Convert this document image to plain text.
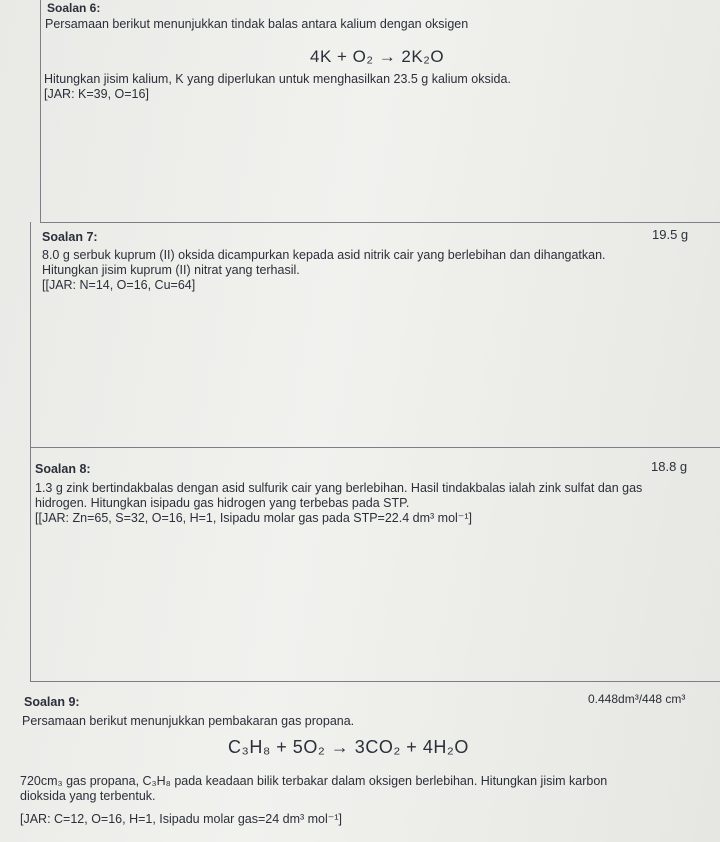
Soalan 6:
Persamaan berikut menunjukkan tindak balas antara kalium dengan oksigen
4K + O₂ → 2K₂O
Hitungkan jisim kalium, K yang diperlukan untuk menghasilkan 23.5 g kalium oksida.
[JAR: K=39, O=16]
19.5 g
Soalan 7:
8.0 g serbuk kuprum (II) oksida dicampurkan kepada asid nitrik cair yang berlebihan dan dihangatkan.
Hitungkan jisim kuprum (II) nitrat yang terhasil.
[[JAR: N=14, O=16, Cu=64]
18.8 g
Soalan 8:
1.3 g zink bertindakbalas dengan asid sulfurik cair yang berlebihan. Hasil tindakbalas ialah zink sulfat dan gas
hidrogen. Hitungkan isipadu gas hidrogen yang terbebas pada STP.
[[JAR: Zn=65, S=32, O=16, H=1, Isipadu molar gas pada STP=22.4 dm³ mol⁻¹]
0.448dm³/448 cm³
Soalan 9:
Persamaan berikut menunjukkan pembakaran gas propana.
C₃H₈ + 5O₂ → 3CO₂ + 4H₂O
720cm₃ gas propana, C₃H₈ pada keadaan bilik terbakar dalam oksigen berlebihan. Hitungkan jisim karbon
dioksida yang terbentuk.
[JAR: C=12, O=16, H=1, Isipadu molar gas=24 dm³ mol⁻¹]
